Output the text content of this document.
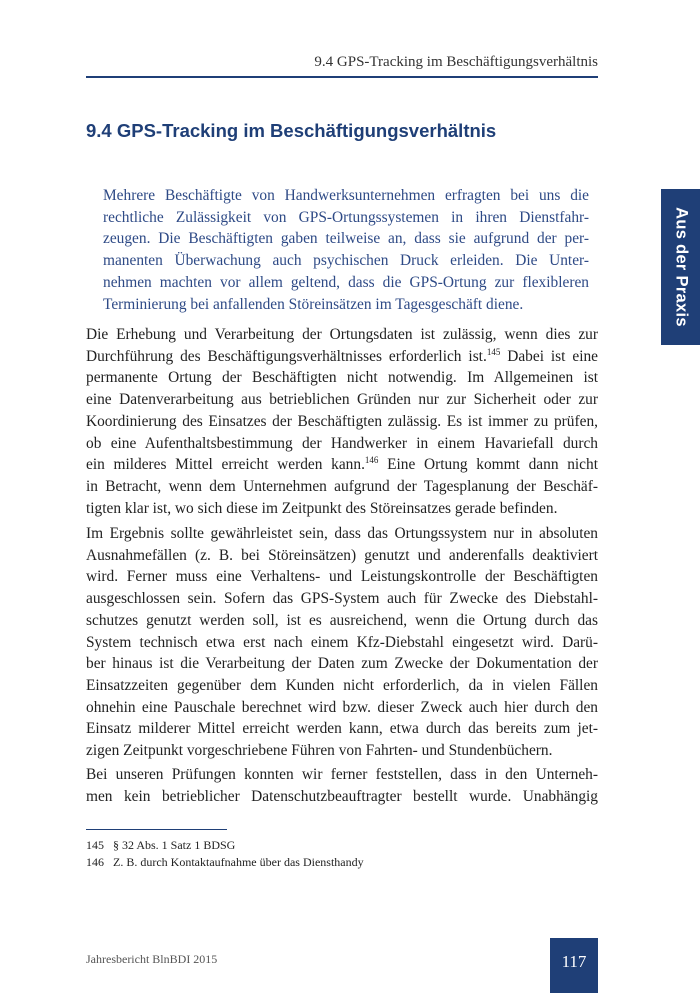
9.4 GPS-Tracking im Beschäftigungsverhältnis
9.4 GPS-Tracking im Beschäftigungsverhältnis
Aus der Praxis

Mehrere Beschäftigte von Handwerksunternehmen erfragten bei uns die
rechtliche Zulässigkeit von GPS-Ortungssystemen in ihren Dienstfahr-
zeugen. Die Beschäftigten gaben teilweise an, dass sie aufgrund der per-
manenten Überwachung auch psychischen Druck erleiden. Die Unter-
nehmen machten vor allem geltend, dass die GPS-Ortung zur flexibleren
Terminierung bei anfallenden Störeinsätzen im Tagesgeschäft diene.

Die Erhebung und Verarbeitung der Ortungsdaten ist zulässig, wenn dies zur
Durchführung des Beschäftigungsverhältnisses erforderlich ist.$^{145}$ Dabei ist eine
permanente Ortung der Beschäftigten nicht notwendig. Im Allgemeinen ist
eine Datenverarbeitung aus betrieblichen Gründen nur zur Sicherheit oder zur
Koordinierung des Einsatzes der Beschäftigten zulässig. Es ist immer zu prüfen,
ob eine Aufenthaltsbestimmung der Handwerker in einem Havariefall durch
ein milderes Mittel erreicht werden kann.$^{146}$ Eine Ortung kommt dann nicht
in Betracht, wenn dem Unternehmen aufgrund der Tagesplanung der Beschäf-
tigten klar ist, wo sich diese im Zeitpunkt des Störeinsatzes gerade befinden.

Im Ergebnis sollte gewährleistet sein, dass das Ortungssystem nur in absoluten
Ausnahmefällen (z. B. bei Störeinsätzen) genutzt und anderenfalls deaktiviert
wird. Ferner muss eine Verhaltens- und Leistungskontrolle der Beschäftigten
ausgeschlossen sein. Sofern das GPS-System auch für Zwecke des Diebstahl-
schutzes genutzt werden soll, ist es ausreichend, wenn die Ortung durch das
System technisch etwa erst nach einem Kfz-Diebstahl eingesetzt wird. Darü-
ber hinaus ist die Verarbeitung der Daten zum Zwecke der Dokumentation der
Einsatzzeiten gegenüber dem Kunden nicht erforderlich, da in vielen Fällen
ohnehin eine Pauschale berechnet wird bzw. dieser Zweck auch hier durch den
Einsatz milderer Mittel erreicht werden kann, etwa durch das bereits zum jet-
zigen Zeitpunkt vorgeschriebene Führen von Fahrten- und Stundenbüchern.

Bei unseren Prüfungen konnten wir ferner feststellen, dass in den Unterneh-
men kein betrieblicher Datenschutzbeauftragter bestellt wurde. Unabhängig

145 § 32 Abs. 1 Satz 1 BDSG
146 Z. B. durch Kontaktaufnahme über das Diensthandy
Jahresbericht BlnBDI 2015	117
